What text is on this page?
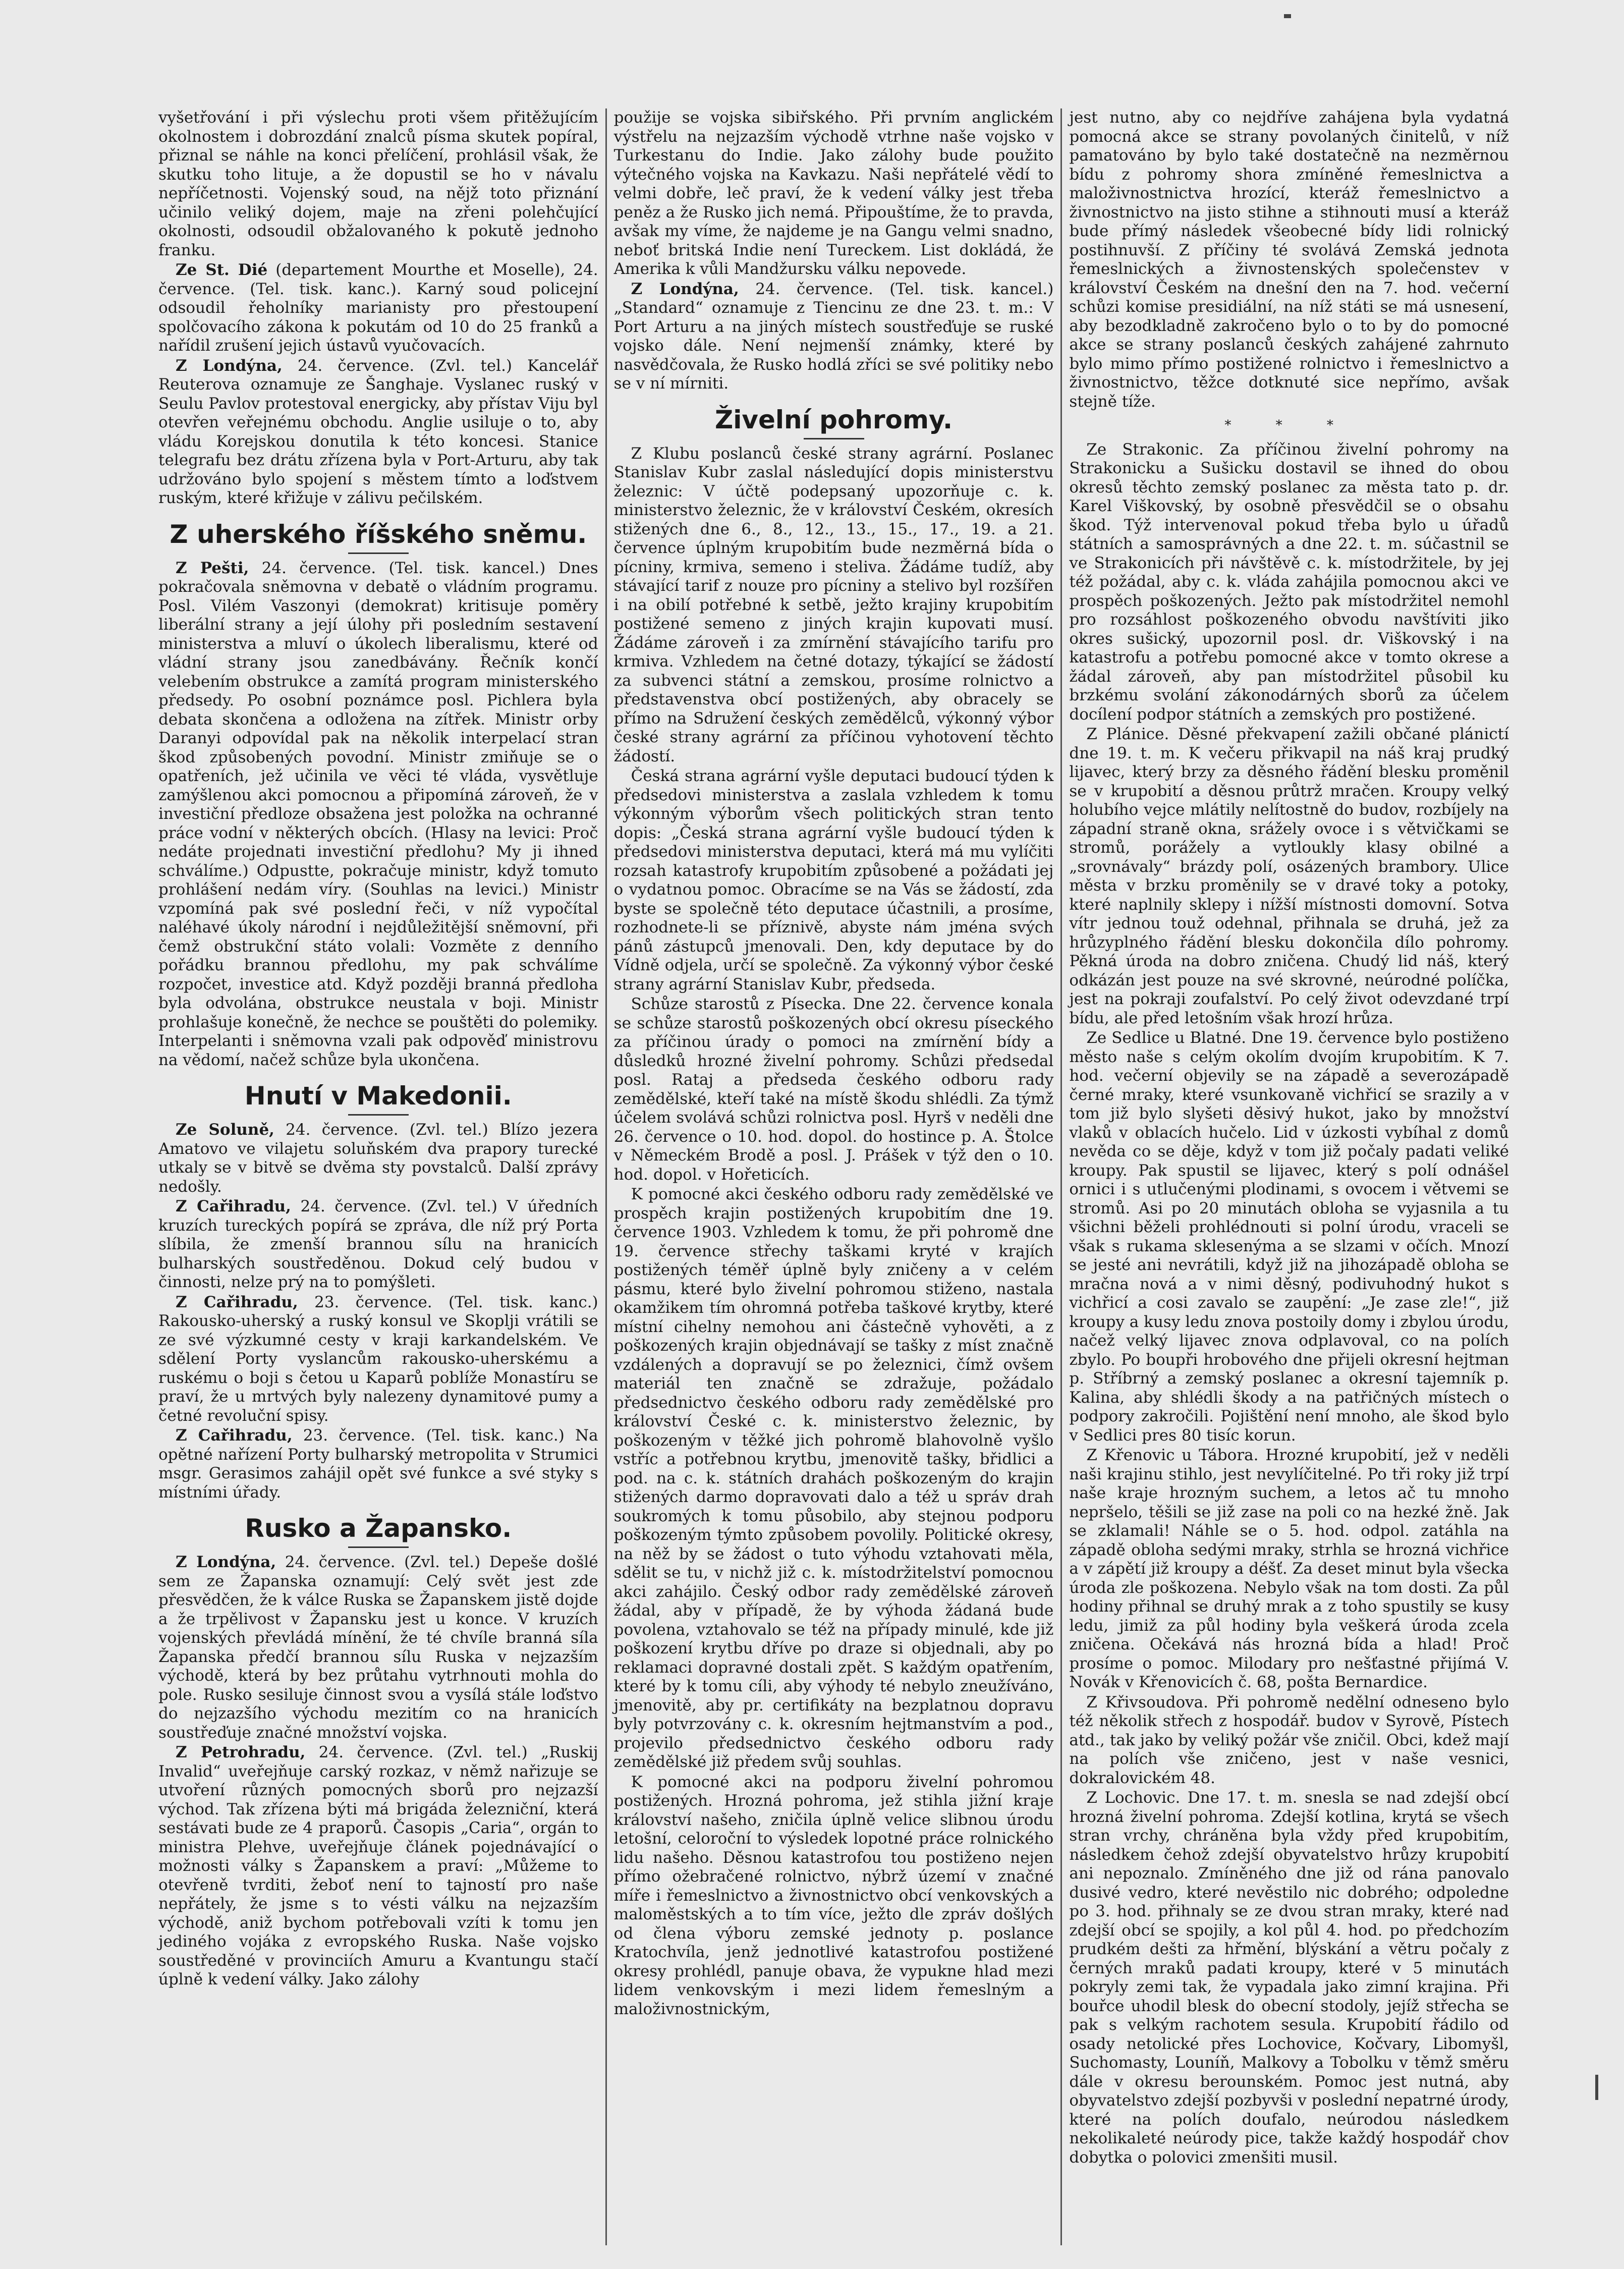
vyšetřování i při výslechu proti všem přitěžujícím okolnostem i dobrozdání znalců písma skutek popíral, přiznal se náhle na konci přelíčení, prohlásil však, že skutku toho lituje, a že dopustil se ho v návalu nepříčetnosti. Vojenský soud, na nějž toto přiznání učinilo veliký dojem, maje na zřeni polehčující okolnosti, odsoudil obžalovaného k pokutě jednoho franku.

Ze St. Dié (departement Mourthe et Moselle), 24. července. (Tel. tisk. kanc.). Karný soud policejní odsoudil řeholníky marianisty pro přestoupení spolčovacího zákona k pokutám od 10 do 25 franků a nařídil zrušení jejich ústavů vyučovacích.

Z Londýna, 24. července. (Zvl. tel.) Kancelář Reuterova oznamuje ze Šanghaje. Vyslanec ruský v Seulu Pavlov protestoval energicky, aby přístav Viju byl otevřen veřejnému obchodu. Anglie usiluje o to, aby vládu Korejskou donutila k této koncesi. Stanice telegrafu bez drátu zřízena byla v Port-Arturu, aby tak udržováno bylo spojení s městem tímto a loďstvem ruským, které křižuje v zálivu pečilském.

Z uherského říšského sněmu.

Z Pešti, 24. července. (Tel. tisk. kancel.) Dnes pokračovala sněmovna v debatě o vládním programu. Posl. Vilém Vaszonyi (demokrat) kritisuje poměry liberální strany a její úlohy při posledním sestavení ministerstva a mluví o úkolech liberalismu, které od vládní strany jsou zanedbávány. Řečník končí velebením obstrukce a zamítá program ministerského předsedy. Po osobní poznámce posl. Pichlera byla debata skončena a odložena na zítřek. Ministr orby Daranyi odpovídal pak na několik interpelací stran škod způsobených povodní. Ministr zmiňuje se o opatřeních, jež učinila ve věci té vláda, vysvětluje zamýšlenou akci pomocnou a připomíná zároveň, že v investiční předloze obsažena jest položka na ochranné práce vodní v některých obcích. (Hlasy na levici: Proč nedáte projednati investiční předlohu? My ji ihned schválíme.) Odpustte, pokračuje ministr, když tomuto prohlášení nedám víry. (Souhlas na levici.) Ministr vzpomíná pak své poslední řeči, v níž vypočítal naléhavé úkoly národní i nejdůležitější sněmovní, při čemž obstrukční státo volali: Vozměte z denního pořádku brannou předlohu, my pak schválíme rozpočet, investice atd. Když později branná předloha byla odvolána, obstrukce neustala v boji. Ministr prohlašuje konečně, že nechce se pouštěti do polemiky. Interpelanti i sněmovna vzali pak odpověď ministrovu na vědomí, načež schůze byla ukončena.

Hnutí v Makedonii.

Ze Soluně, 24. července. (Zvl. tel.) Blízo jezera Amatovo ve vilajetu soluňském dva prapory turecké utkaly se v bitvě se dvěma sty povstalců. Další zprávy nedošly.

Z Cařihradu, 24. července. (Zvl. tel.) V úředních kruzích tureckých popírá se zpráva, dle níž prý Porta slíbila, že zmenší brannou sílu na hranicích bulharských soustředěnou. Dokud celý budou v činnosti, nelze prý na to pomýšleti.

Z Cařihradu, 23. července. (Tel. tisk. kanc.) Rakousko-uherský a ruský konsul ve Skoplji vrátili se ze své výzkumné cesty v kraji karkandelském. Ve sdělení Porty vyslancům rakousko-uherskému a ruskému o boji s četou u Kaparů poblíže Monastíru se praví, že u mrtvých byly nalezeny dynamitové pumy a četné revoluční spisy.

Z Cařihradu, 23. července. (Tel. tisk. kanc.) Na opětné nařízení Porty bulharský metropolita v Strumici msgr. Gerasimos zahájil opět své funkce a své styky s místními úřady.

Rusko a Žapansko.

Z Londýna, 24. července. (Zvl. tel.) Depeše došlé sem ze Žapanska oznamují: Celý svět jest zde přesvědčen, že k válce Ruska se Žapanskem jistě dojde a že trpělivost v Žapansku jest u konce. V kruzích vojenských převládá mínění, že té chvíle branná síla Žapanska předčí brannou sílu Ruska v nejzazším východě, která by bez průtahu vytrhnouti mohla do pole. Rusko sesiluje činnost svou a vysílá stále loďstvo do nejzazšího východu mezitím co na hranicích soustřeďuje značné množství vojska.

Z Petrohradu, 24. července. (Zvl. tel.) „Ruskij Invalid“ uveřejňuje carský rozkaz, v němž nařizuje se utvoření různých pomocných sborů pro nejzazší východ. Tak zřízena býti má brigáda železniční, která sestávati bude ze 4 praporů. Časopis „Caria“, orgán to ministra Plehve, uveřejňuje článek pojednávající o možnosti války s Žapanskem a praví: „Můžeme to otevřeně tvrditi, žeboť není to tajností pro naše nepřátely, že jsme s to vésti válku na nejzazším východě, aniž bychom potřebovali vzíti k tomu jen jediného vojáka z evropského Ruska. Naše vojsko soustředěné v provinciích Amuru a Kvantungu stačí úplně k vedení války. Jako zálohy

použije se vojska sibiřského. Při prvním anglickém výstřelu na nejzazším východě vtrhne naše vojsko v Turkestanu do Indie. Jako zálohy bude použito výtečného vojska na Kavkazu. Naši nepřátelé vědí to velmi dobře, leč praví, že k vedení války jest třeba peněz a že Rusko jich nemá. Připouštíme, že to pravda, avšak my víme, že najdeme je na Gangu velmi snadno, neboť britská Indie není Tureckem. List dokládá, že Amerika k vůli Mandžursku válku nepovede.

Z Londýna, 24. července. (Tel. tisk. kancel.) „Standard“ oznamuje z Tiencinu ze dne 23. t. m.: V Port Arturu a na jiných místech soustřeďuje se ruské vojsko dále. Není nejmenší známky, které by nasvědčovala, že Rusko hodlá zříci se své politiky nebo se v ní mírniti.

Živelní pohromy.

Z Klubu poslanců české strany agrární. Poslanec Stanislav Kubr zaslal následující dopis ministerstvu železnic: V účtě podepsaný upozorňuje c. k. ministerstvo železnic, že v království Českém, okresích stižených dne 6., 8., 12., 13., 15., 17., 19. a 21. července úplným krupobitím bude nezměrná bída o pícniny, krmiva, semeno i steliva. Žádáme tudíž, aby stávající tarif z nouze pro pícniny a stelivo byl rozšířen i na obilí potřebné k setbě, ježto krajiny krupobitím postižené semeno z jiných krajin kupovati musí. Žádáme zároveň i za zmírnění stávajícího tarifu pro krmiva. Vzhledem na četné dotazy, týkající se žádostí za subvenci státní a zemskou, prosíme rolnictvo a představenstva obcí postižených, aby obracely se přímo na Sdružení českých zemědělců, výkonný výbor české strany agrární za příčinou vyhotovení těchto žádostí.

Česká strana agrární vyšle deputaci budoucí týden k předsedovi ministerstva a zaslala vzhledem k tomu výkonným výborům všech politických stran tento dopis: „Česká strana agrární vyšle budoucí týden k předsedovi ministerstva deputaci, která má mu vylíčiti rozsah katastrofy krupobitím způsobené a požádati jej o vydatnou pomoc. Obracíme se na Vás se žádostí, zda byste se společně této deputace účastnili, a prosíme, rozhodnete-li se příznivě, abyste nám jména svých pánů zástupců jmenovali. Den, kdy deputace by do Vídně odjela, určí se společně. Za výkonný výbor české strany agrární Stanislav Kubr, předseda.

Schůze starostů z Písecka. Dne 22. července konala se schůze starostů poškozených obcí okresu píseckého za příčinou úrady o pomoci na zmírnění bídy a důsledků hrozné živelní pohromy. Schůzi předsedal posl. Rataj a předseda českého odboru rady zemědělské, kteří také na místě škodu shlédli. Za týmž účelem svolává schůzi rolnictva posl. Hyrš v neděli dne 26. července o 10. hod. dopol. do hostince p. A. Štolce v Německém Brodě a posl. J. Prášek v týž den o 10. hod. dopol. v Hořeticích.

K pomocné akci českého odboru rady zemědělské ve prospěch krajin postižených krupobitím dne 19. července 1903. Vzhledem k tomu, že při pohromě dne 19. července střechy taškami kryté v krajích postižených téměř úplně byly zničeny a v celém pásmu, které bylo živelní pohromou stiženo, nastala okamžikem tím ohromná potřeba taškové krytby, které místní cihelny nemohou ani částečně vyhověti, a z poškozených krajin objednávají se tašky z míst značně vzdálených a dopravují se po železnici, čímž ovšem materiál ten značně se zdražuje, požádalo předsednictvo českého odboru rady zemědělské pro království České c. k. ministerstvo železnic, by poškozeným v těžké jich pohromě blahovolně vyšlo vstříc a potřebnou krytbu, jmenovitě tašky, břidlici a pod. na c. k. státních drahách poškozeným do krajin stižených darmo dopravovati dalo a též u správ drah soukromých k tomu působilo, aby stejnou podporu poškozeným týmto způsobem povolily. Politické okresy, na něž by se žádost o tuto výhodu vztahovati měla, sdělit se tu, v nichž již c. k. místodržitelství pomocnou akci zahájilo. Český odbor rady zemědělské zároveň žádal, aby v případě, že by výhoda žádaná bude povolena, vztahovalo se též na případy minulé, kde již poškození krytbu dříve po draze si objednali, aby po reklamaci dopravné dostali zpět. S každým opatřením, které by k tomu cíli, aby výhody té nebylo zneužíváno, jmenovitě, aby pr. certifikáty na bezplatnou dopravu byly potvrzovány c. k. okresním hejtmanstvím a pod., projevilo předsednictvo českého odboru rady zemědělské již předem svůj souhlas.

K pomocné akci na podporu živelní pohromou postižených. Hrozná pohroma, jež stihla jižní kraje království našeho, zničila úplně velice slibnou úrodu letošní, celoroční to výsledek lopotné práce rolnického lidu našeho. Děsnou katastrofou tou postiženo nejen přímo ožebračené rolnictvo, nýbrž území v značné míře i řemeslnictvo a živnostnictvo obcí venkovských a maloměstských a to tím více, ježto dle zpráv došlých od člena výboru zemské jednoty p. poslance Kratochvíla, jenž jednotlivé katastrofou postižené okresy prohlédl, panuje obava, že vypukne hlad mezi lidem venkovským i mezi lidem řemeslným a maloživnostnickým,

jest nutno, aby co nejdříve zahájena byla vydatná pomocná akce se strany povolaných činitelů, v níž pamatováno by bylo také dostatečně na nezměrnou bídu z pohromy shora zmíněné řemeslnictva a maloživnostnictva hrozící, kteráž řemeslnictvo a živnostnictvo na jisto stihne a stihnouti musí a kteráž bude přímý následek všeobecné bídy lidi rolnický postihnuvší. Z příčiny té svolává Zemská jednota řemeslnických a živnostenských společenstev v království Českém na dnešní den na 7. hod. večerní schůzi komise presidiální, na níž státi se má usnesení, aby bezodkladně zakročeno bylo o to by do pomocné akce se strany poslanců českých zahájené zahrnuto bylo mimo přímo postižené rolnictvo i řemeslnictvo a živnostnictvo, těžce dotknuté sice nepřímo, avšak stejně tíže.

* * *

Ze Strakonic. Za příčinou živelní pohromy na Strakonicku a Sušicku dostavil se ihned do obou okresů těchto zemský poslanec za města tato p. dr. Karel Viškovský, by osobně přesvědčil se o obsahu škod. Týž intervenoval pokud třeba bylo u úřadů státních a samosprávných a dne 22. t. m. súčastnil se ve Strakonicích při návštěvě c. k. místodržitele, by jej též požádal, aby c. k. vláda zahájila pomocnou akci ve prospěch poškozených. Ježto pak místodržitel nemohl pro rozsáhlost poškozeného obvodu navštíviti jiko okres sušický, upozornil posl. dr. Viškovský i na katastrofu a potřebu pomocné akce v tomto okrese a žádal zároveň, aby pan místodržitel působil ku brzkému svolání zákonodárných sborů za účelem docílení podpor státních a zemských pro postižené.

Z Plánice. Děsné překvapení zažili občané plánictí dne 19. t. m. K večeru přikvapil na náš kraj prudký lijavec, který brzy za děsného řádění blesku proměnil se v krupobití a děsnou průtrž mračen. Kroupy velký holubího vejce mlátily nelítostně do budov, rozbíjely na západní straně okna, srážely ovoce i s větvičkami se stromů, porážely a vytloukly klasy obilné a „srovnávaly“ brázdy polí, osázených brambory. Ulice města v brzku proměnily se v dravé toky a potoky, které naplnily sklepy i nížší místnosti domovní. Sotva vítr jednou touž odehnal, přihnala se druhá, jež za hrůzyplného řádění blesku dokončila dílo pohromy. Pěkná úroda na dobro zničena. Chudý lid náš, který odkázán jest pouze na své skrovné, neúrodné políčka, jest na pokraji zoufalství. Po celý život odevzdané trpí bídu, ale před letošním však hrozí hrůza.

Ze Sedlice u Blatné. Dne 19. července bylo postiženo město naše s celým okolím dvojím krupobitím. K 7. hod. večerní objevily se na západě a severozápadě černé mraky, které vsunkovaně vichřicí se srazily a v tom již bylo slyšeti děsivý hukot, jako by množství vlaků v oblacích hučelo. Lid v úzkosti vybíhal z domů nevěda co se děje, když v tom již počaly padati veliké kroupy. Pak spustil se lijavec, který s polí odnášel ornici i s utlučenými plodinami, s ovocem i větvemi se stromů. Asi po 20 minutách obloha se vyjasnila a tu všichni běželi prohlédnouti si polní úrodu, vraceli se však s rukama sklesenýma a se slzami v očích. Mnozí se jesté ani nevrátili, když již na jihozápadě obloha se mračna nová a v nimi děsný, podivuhodný hukot s vichřicí a cosi zavalo se zaupění: „Je zase zle!“, již kroupy a kusy ledu znova postoily domy i zbylou úrodu, načež velký lijavec znova odplavoval, co na polích zbylo. Po boupři hrobového dne přijeli okresní hejtman p. Stříbrný a zemský poslanec a okresní tajemník p. Kalina, aby shlédli škody a na patřičných místech o podpory zakročili. Pojištění není mnoho, ale škod bylo v Sedlici pres 80 tisíc korun.

Z Křenovic u Tábora. Hrozné krupobití, jež v neděli naši krajinu stihlo, jest nevylíčitelné. Po tři roky již trpí naše kraje hrozným suchem, a letos ač tu mnoho nepršelo, těšili se již zase na poli co na hezké žně. Jak se zklamali! Náhle se o 5. hod. odpol. zatáhla na západě obloha sedými mraky, strhla se hrozná vichřice a v zápětí již kroupy a déšť. Za deset minut byla všecka úroda zle poškozena. Nebylo však na tom dosti. Za půl hodiny přihnal se druhý mrak a z toho spustily se kusy ledu, jimiž za půl hodiny byla veškerá úroda zcela zničena. Očekává nás hrozná bída a hlad! Proč prosíme o pomoc. Milodary pro nešťastné přijímá V. Novák v Křenovicích č. 68, pošta Bernardice.

Z Křivsoudova. Při pohromě nedělní odneseno bylo též několik střech z hospodář. budov v Syrově, Pístech atd., tak jako by veliký požár vše zničil. Obci, kdež mají na polích vše zničeno, jest v naše vesnici, dokralovickém 48.

Z Lochovic. Dne 17. t. m. snesla se nad zdejší obcí hrozná živelní pohroma. Zdejší kotlina, krytá se všech stran vrchy, chráněna byla vždy před krupobitím, následkem čehož zdejší obyvatelstvo hrůzy krupobití ani nepoznalo. Zmíněného dne již od rána panovalo dusivé vedro, které nevěstilo nic dobrého; odpoledne po 3. hod. přihnaly se ze dvou stran mraky, které nad zdejší obcí se spojily, a kol půl 4. hod. po předchozím prudkém dešti za hřmění, blýskání a větru počaly z černých mraků padati kroupy, které v 5 minutách pokryly zemi tak, že vypadala jako zimní krajina. Při bouřce uhodil blesk do obecní stodoly, jejíž střecha se pak s velkým rachotem sesula. Krupobití řádilo od osady netolické přes Lochovice, Kočvary, Libomyšl, Suchomasty, Louníň, Malkovy a Tobolku v těmž směru dále v okresu berounském. Pomoc jest nutná, aby obyvatelstvo zdejší pozbyvši v poslední nepatrné úrody, které na polích doufalo, neúrodou následkem nekolikaleté neúrody pice, takže každý hospodář chov dobytka o polovici zmenšiti musil.
